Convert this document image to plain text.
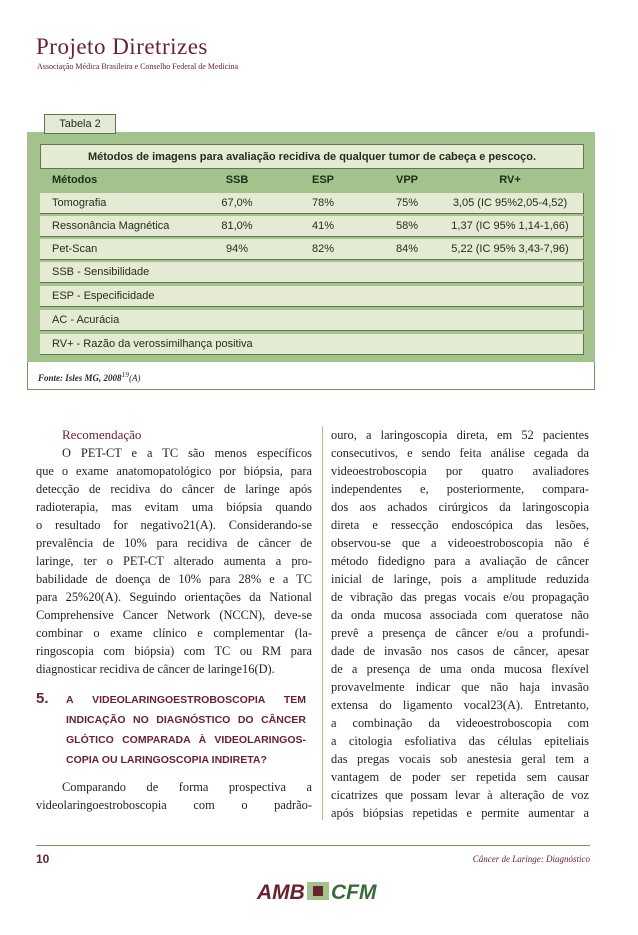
Projeto Diretrizes
Associação Médica Brasileira e Conselho Federal de Medicina
Tabela 2
Métodos de imagens para avaliação recidiva de qualquer tumor de cabeça e pescoço.
Métodos	SSB	ESP	VPP	RV+
Tomografia	67,0%	78%	75%	3,05 (IC 95%2,05-4,52)
Ressonância Magnética	81,0%	41%	58%	1,37 (IC 95% 1,14-1,66)
Pet-Scan	94%	82%	84%	5,22 (IC 95% 3,43-7,96)
SSB - Sensibilidade
ESP - Especificidade
AC - Acurácia
RV+ - Razão da verossimilhança positiva
Fonte: Isles MG, 2008$^{19}$(A)
Recomendação
O PET-CT e a TC são menos específicos
que o exame anatomopatológico por biópsia, para
detecção de recidiva do câncer de laringe após
radioterapia, mas evitam uma biópsia quando
o resultado for negativo21(A). Considerando-se
prevalência de 10% para recidiva de câncer de
laringe, ter o PET-CT alterado aumenta a pro-
babilidade de doença de 10% para 28% e a TC
para 25%20(A). Seguindo orientações da National
Comprehensive Cancer Network (NCCN), deve-se
combinar o exame clínico e complementar (la-
ringoscopia com biópsia) com TC ou RM para
diagnosticar recidiva de câncer de laringe16(D).
5. A VIDEOLARINGOESTROBOSCOPIA TEM
INDICAÇÃO NO DIAGNÓSTICO DO CÂNCER
GLÓTICO COMPARADA À VIDEOLARINGOS-
COPIA OU LARINGOSCOPIA INDIRETA?
Comparando de forma prospectiva a
videolaringoestroboscopia com o padrão-
ouro, a laringoscopia direta, em 52 pacientes
consecutivos, e sendo feita análise cegada da
videoestroboscopia por quatro avaliadores
independentes e, posteriormente, compara-
dos aos achados cirúrgicos da laringoscopia
direta e ressecção endoscópica das lesões,
observou-se que a videoestroboscopia não é
método fidedigno para a avaliação de câncer
inicial de laringe, pois a amplitude reduzida
de vibração das pregas vocais e/ou propagação
da onda mucosa associada com queratose não
prevê a presença de câncer e/ou a profundi-
dade de invasão nos casos de câncer, apesar
de a presença de uma onda mucosa flexível
provavelmente indicar que não haja invasão
extensa do ligamento vocal23(A). Entretanto,
a combinação da videoestroboscopia com
a citologia esfoliativa das células epiteliais
das pregas vocais sob anestesia geral tem a
vantagem de poder ser repetida sem causar
cicatrizes que possam levar à alteração de voz
após biópsias repetidas e permite aumentar a
10	Câncer de Laringe: Diagnóstico
AMB CFM
